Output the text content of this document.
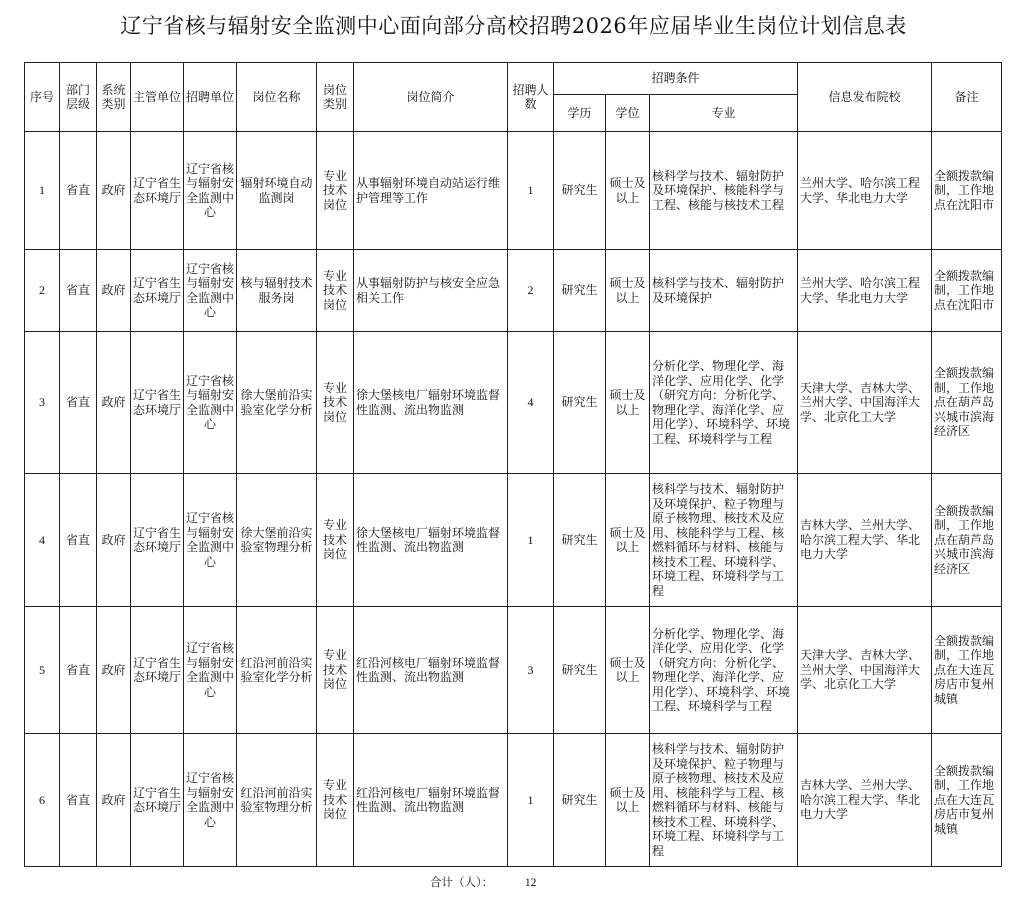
辽宁省核与辐射安全监测中心面向部分高校招聘2026年应届毕业生岗位计划信息表
序号	部门层级	系统类别	主管单位	招聘单位	岗位名称	岗位类别	岗位简介	招聘人数	招聘条件			信息发布院校	备注
									学历	学位	专业		
1	省直	政府	辽宁省生态环境厅	辽宁省核与辐射安全监测中心	辐射环境自动监测岗	专业技术岗位	从事辐射环境自动站运行维护管理等工作	1	研究生	硕士及以上	核科学与技术、辐射防护及环境保护、核能科学与工程、核能与核技术工程	兰州大学、哈尔滨工程大学、华北电力大学	全额拨款编制，工作地点在沈阳市
2	省直	政府	辽宁省生态环境厅	辽宁省核与辐射安全监测中心	核与辐射技术服务岗	专业技术岗位	从事辐射防护与核安全应急相关工作	2	研究生	硕士及以上	核科学与技术、辐射防护及环境保护	兰州大学、哈尔滨工程大学、华北电力大学	全额拨款编制，工作地点在沈阳市
3	省直	政府	辽宁省生态环境厅	辽宁省核与辐射安全监测中心	徐大堡前沿实验室化学分析	专业技术岗位	徐大堡核电厂辐射环境监督性监测、流出物监测	4	研究生	硕士及以上	分析化学、物理化学、海洋化学、应用化学、化学（研究方向：分析化学、物理化学、海洋化学、应用化学）、环境科学、环境工程、环境科学与工程	天津大学、吉林大学、兰州大学、中国海洋大学、北京化工大学	全额拨款编制，工作地点在葫芦岛兴城市滨海经济区
4	省直	政府	辽宁省生态环境厅	辽宁省核与辐射安全监测中心	徐大堡前沿实验室物理分析	专业技术岗位	徐大堡核电厂辐射环境监督性监测、流出物监测	1	研究生	硕士及以上	核科学与技术、辐射防护及环境保护、粒子物理与原子核物理、核技术及应用、核能科学与工程、核燃料循环与材料、核能与核技术工程、环境科学、环境工程、环境科学与工程	吉林大学、兰州大学、哈尔滨工程大学、华北电力大学	全额拨款编制，工作地点在葫芦岛兴城市滨海经济区
5	省直	政府	辽宁省生态环境厅	辽宁省核与辐射安全监测中心	红沿河前沿实验室化学分析	专业技术岗位	红沿河核电厂辐射环境监督性监测、流出物监测	3	研究生	硕士及以上	分析化学、物理化学、海洋化学、应用化学、化学（研究方向：分析化学、物理化学、海洋化学、应用化学）、环境科学、环境工程、环境科学与工程	天津大学、吉林大学、兰州大学、中国海洋大学、北京化工大学	全额拨款编制，工作地点在大连瓦房店市复州城镇
6	省直	政府	辽宁省生态环境厅	辽宁省核与辐射安全监测中心	红沿河前沿实验室物理分析	专业技术岗位	红沿河核电厂辐射环境监督性监测、流出物监测	1	研究生	硕士及以上	核科学与技术、辐射防护及环境保护、粒子物理与原子核物理、核技术及应用、核能科学与工程、核燃料循环与材料、核能与核技术工程、环境科学、环境工程、环境科学与工程	吉林大学、兰州大学、哈尔滨工程大学、华北电力大学	全额拨款编制，工作地点在大连瓦房店市复州城镇
合计（人）：	12
